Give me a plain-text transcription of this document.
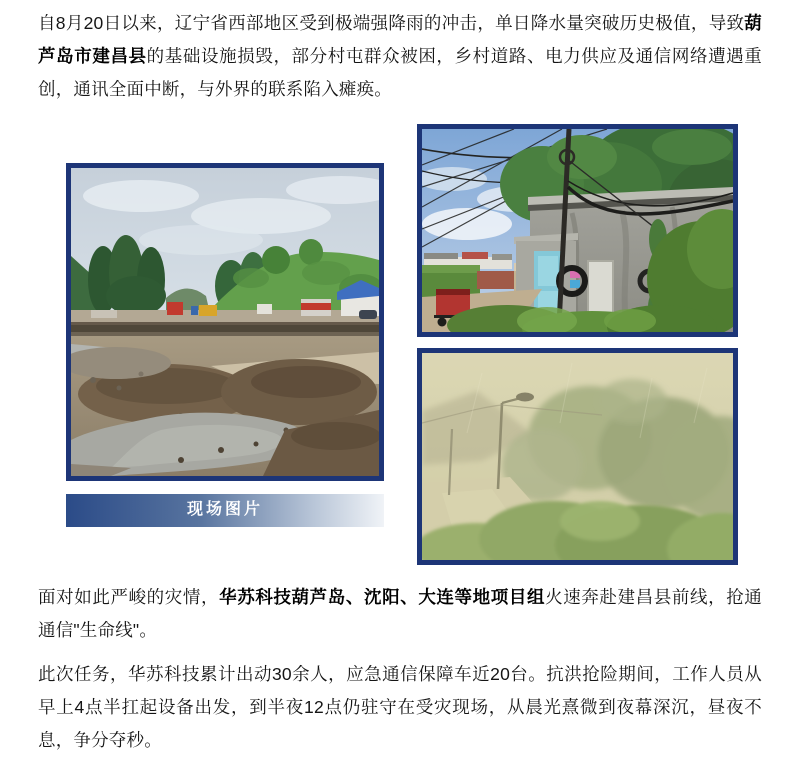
自8月20日以来，辽宁省西部地区受到极端强降雨的冲击，单日降水量突破历史极值，导致葫芦岛市建昌县的基础设施损毁，部分村屯群众被困，乡村道路、电力供应及通信网络遭遇重创，通讯全面中断，与外界的联系陷入瘫痪。

现场图片

面对如此严峻的灾情，华苏科技葫芦岛、沈阳、大连等地项目组火速奔赴建昌县前线，抢通通信"生命线"。

此次任务，华苏科技累计出动30余人，应急通信保障车近20台。抗洪抢险期间，工作人员从早上4点半扛起设备出发，到半夜12点仍驻守在受灾现场，从晨光熹微到夜幕深沉，昼夜不息，争分夺秒。
